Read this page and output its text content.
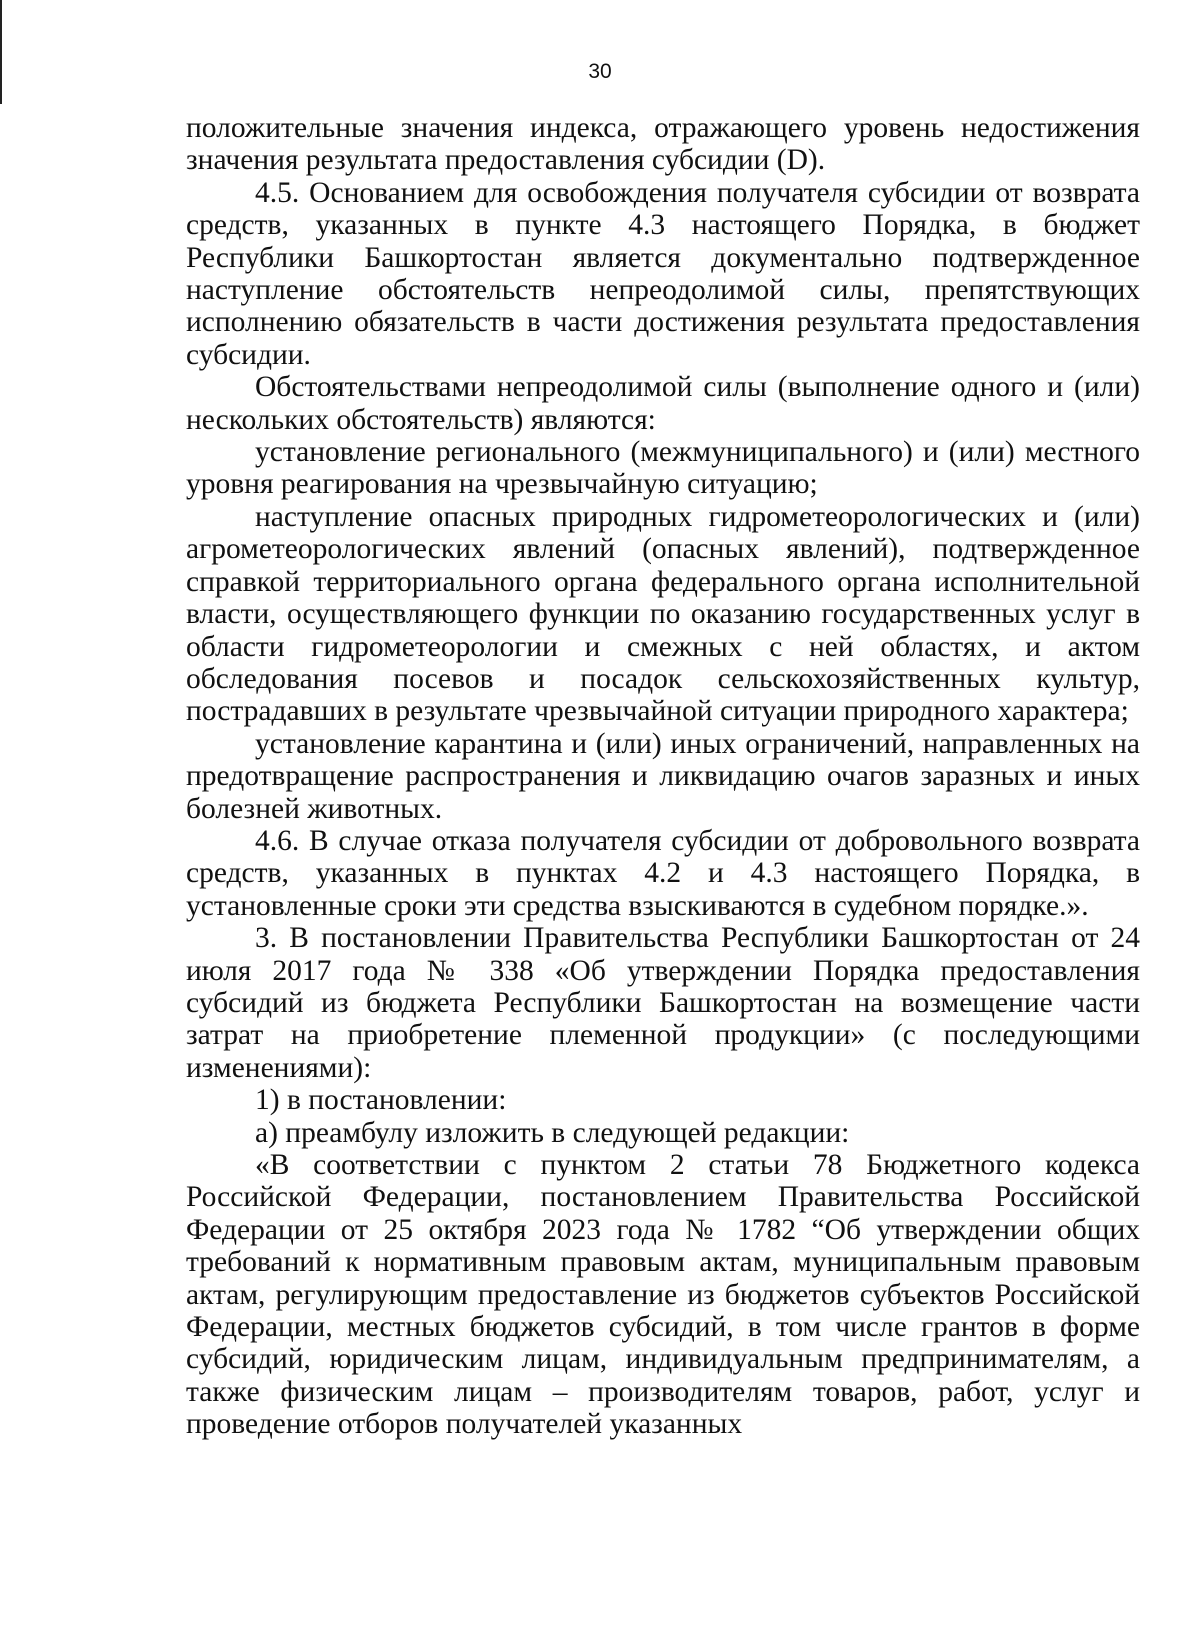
30

положительные значения индекса, отражающего уровень недостижения значения результата предоставления субсидии (D).

4.5. Основанием для освобождения получателя субсидии от возврата средств, указанных в пункте 4.3 настоящего Порядка, в бюджет Республики Башкортостан является документально подтвержденное наступление обстоятельств непреодолимой силы, препятствующих исполнению обязательств в части достижения результата предоставления субсидии.

Обстоятельствами непреодолимой силы (выполнение одного и (или) нескольких обстоятельств) являются:

установление регионального (межмуниципального) и (или) местного уровня реагирования на чрезвычайную ситуацию;

наступление опасных природных гидрометеорологических и (или) агрометеорологических явлений (опасных явлений), подтвержденное справкой территориального органа федерального органа исполнительной власти, осуществляющего функции по оказанию государственных услуг в области гидрометеорологии и смежных с ней областях, и актом обследования посевов и посадок сельскохозяйственных культур, пострадавших в результате чрезвычайной ситуации природного характера;

установление карантина и (или) иных ограничений, направленных на предотвращение распространения и ликвидацию очагов заразных и иных болезней животных.

4.6. В случае отказа получателя субсидии от добровольного возврата средств, указанных в пунктах 4.2 и 4.3 настоящего Порядка, в установленные сроки эти средства взыскиваются в судебном порядке.».

3. В постановлении Правительства Республики Башкортостан от 24 июля 2017 года № 338 «Об утверждении Порядка предоставления субсидий из бюджета Республики Башкортостан на возмещение части затрат на приобретение племенной продукции» (с последующими изменениями):

1) в постановлении:

а) преамбулу изложить в следующей редакции:

«В соответствии с пунктом 2 статьи 78 Бюджетного кодекса Российской Федерации, постановлением Правительства Российской Федерации от 25 октября 2023 года № 1782 “Об утверждении общих требований к нормативным правовым актам, муниципальным правовым актам, регулирующим предоставление из бюджетов субъектов Российской Федерации, местных бюджетов субсидий, в том числе грантов в форме субсидий, юридическим лицам, индивидуальным предпринимателям, а также физическим лицам – производителям товаров, работ, услуг и проведение отборов получателей указанных
